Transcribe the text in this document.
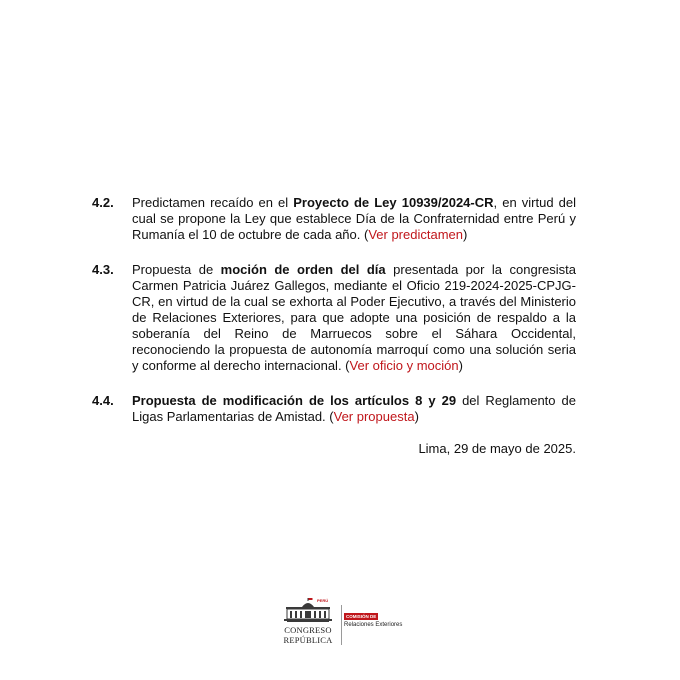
4.2. Predictamen recaído en el Proyecto de Ley 10939/2024-CR, en virtud del cual se propone la Ley que establece Día de la Confraternidad entre Perú y Rumanía el 10 de octubre de cada año. (Ver predictamen)
4.3. Propuesta de moción de orden del día presentada por la congresista Carmen Patricia Juárez Gallegos, mediante el Oficio 219-2024-2025-CPJG-CR, en virtud de la cual se exhorta al Poder Ejecutivo, a través del Ministerio de Relaciones Exteriores, para que adopte una posición de respaldo a la soberanía del Reino de Marruecos sobre el Sáhara Occidental, reconociendo la propuesta de autonomía marroquí como una solución seria y conforme al derecho internacional. (Ver oficio y moción)
4.4. Propuesta de modificación de los artículos 8 y 29 del Reglamento de Ligas Parlamentarias de Amistad. (Ver propuesta)
Lima, 29 de mayo de 2025.
PERÚ
CONGRESO
REPÚBLICA
COMISIÓN DE
Relaciones Exteriores
